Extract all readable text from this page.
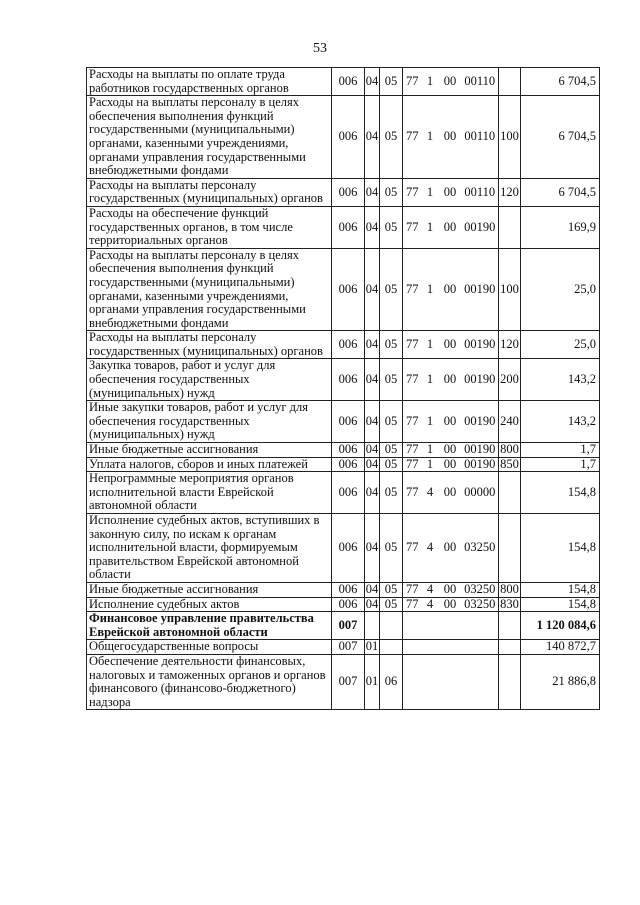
53
Расходы на выплаты по оплате труда работников государственных органов	006	04	05	77	1	00	00110		6 704,5
Расходы на выплаты персоналу в целях обеспечения выполнения функций государственными (муниципальными) органами, казенными учреждениями, органами управления государственными внебюджетными фондами	006	04	05	77	1	00	00110	100	6 704,5
Расходы на выплаты персоналу государственных (муниципальных) органов	006	04	05	77	1	00	00110	120	6 704,5
Расходы на обеспечение функций государственных органов, в том числе территориальных органов	006	04	05	77	1	00	00190		169,9
Расходы на выплаты персоналу в целях обеспечения выполнения функций государственными (муниципальными) органами, казенными учреждениями, органами управления государственными внебюджетными фондами	006	04	05	77	1	00	00190	100	25,0
Расходы на выплаты персоналу государственных (муниципальных) органов	006	04	05	77	1	00	00190	120	25,0
Закупка товаров, работ и услуг для обеспечения государственных (муниципальных) нужд	006	04	05	77	1	00	00190	200	143,2
Иные закупки товаров, работ и услуг для обеспечения государственных (муниципальных) нужд	006	04	05	77	1	00	00190	240	143,2
Иные бюджетные ассигнования	006	04	05	77	1	00	00190	800	1,7
Уплата налогов, сборов и иных платежей	006	04	05	77	1	00	00190	850	1,7
Непрограммные мероприятия органов исполнительной власти Еврейской автономной области	006	04	05	77	4	00	00000		154,8
Исполнение судебных актов, вступивших в законную силу, по искам к органам исполнительной власти, формируемым правительством Еврейской автономной области	006	04	05	77	4	00	03250		154,8
Иные бюджетные ассигнования	006	04	05	77	4	00	03250	800	154,8
Исполнение судебных актов	006	04	05	77	4	00	03250	830	154,8
Финансовое управление правительства Еврейской автономной области	007								1 120 084,6
Общегосударственные вопросы	007	01							140 872,7
Обеспечение деятельности финансовых, налоговых и таможенных органов и органов финансового (финансово-бюджетного) надзора	007	01	06						21 886,8
